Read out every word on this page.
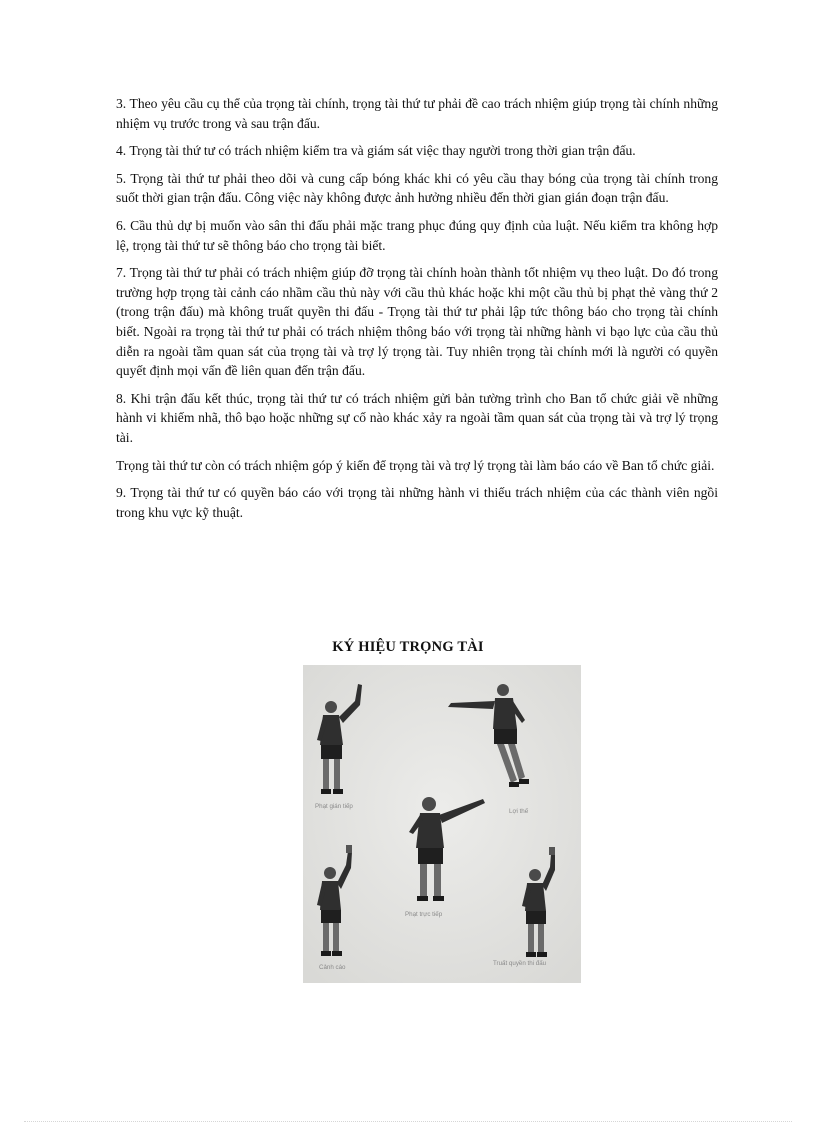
3. Theo yêu cầu cụ thể của trọng tài chính, trọng tài thứ tư phải đề cao trách nhiệm giúp trọng tài chính những nhiệm vụ trước trong và sau trận đấu.

4. Trọng tài thứ tư có trách nhiệm kiểm tra và giám sát việc thay người trong thời gian trận đấu.

5. Trọng tài thứ tư phải theo dõi và cung cấp bóng khác khi có yêu cầu thay bóng của trọng tài chính trong suốt thời gian trận đấu. Công việc này không được ảnh hưởng nhiều đến thời gian gián đoạn trận đấu.

6. Cầu thủ dự bị muốn vào sân thi đấu phải mặc trang phục đúng quy định của luật. Nếu kiểm tra không hợp lệ, trọng tài thứ tư sẽ thông báo cho trọng tài biết.

7. Trọng tài thứ tư phải có trách nhiệm giúp đỡ trọng tài chính hoàn thành tốt nhiệm vụ theo luật. Do đó trong trường hợp trọng tài cảnh cáo nhầm cầu thủ này với cầu thủ khác hoặc khi một cầu thủ bị phạt thẻ vàng thứ 2 (trong trận đấu) mà không truất quyền thi đấu - Trọng tài thứ tư phải lập tức thông báo cho trọng tài chính biết. Ngoài ra trọng tài thứ tư phải có trách nhiệm thông báo với trọng tài những hành vi bạo lực của cầu thủ diễn ra ngoài tầm quan sát của trọng tài và trợ lý trọng tài. Tuy nhiên trọng tài chính mới là người có quyền quyết định mọi vấn đề liên quan đến trận đấu.

8. Khi trận đấu kết thúc, trọng tài thứ tư có trách nhiệm gửi bản tường trình cho Ban tổ chức giải về những hành vi khiếm nhã, thô bạo hoặc những sự cố nào khác xảy ra ngoài tầm quan sát của trọng tài và trợ lý trọng tài.

Trọng tài thứ tư còn có trách nhiệm góp ý kiến để trọng tài và trợ lý trọng tài làm báo cáo về Ban tổ chức giải.

9. Trọng tài thứ tư có quyền báo cáo với trọng tài những hành vi thiếu trách nhiệm của các thành viên ngồi trong khu vực kỹ thuật.

KÝ HIỆU TRỌNG TÀI
Phạt gián tiếp
Lợi thế
Phạt trực tiếp
Cảnh cáo
Truất quyền thi đấu
